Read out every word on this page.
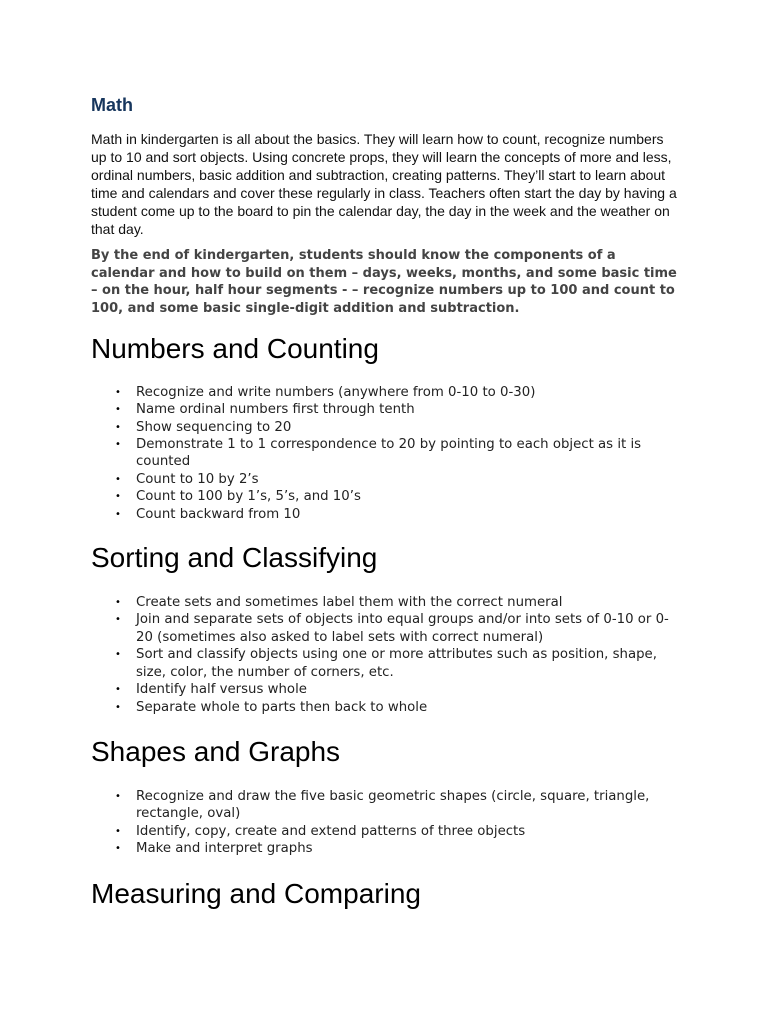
Math

Math in kindergarten is all about the basics. They will learn how to count, recognize numbers up to 10 and sort objects. Using concrete props, they will learn the concepts of more and less, ordinal numbers, basic addition and subtraction, creating patterns. They’ll start to learn about time and calendars and cover these regularly in class. Teachers often start the day by having a student come up to the board to pin the calendar day, the day in the week and the weather on that day.

By the end of kindergarten, students should know the components of a calendar and how to build on them – days, weeks, months, and some basic time – on the hour, half hour segments - – recognize numbers up to 100 and count to 100, and some basic single-digit addition and subtraction.

Numbers and Counting
• Recognize and write numbers (anywhere from 0-10 to 0-30)
• Name ordinal numbers first through tenth
• Show sequencing to 20
• Demonstrate 1 to 1 correspondence to 20 by pointing to each object as it is counted
• Count to 10 by 2’s
• Count to 100 by 1’s, 5’s, and 10’s
• Count backward from 10
Sorting and Classifying
• Create sets and sometimes label them with the correct numeral
• Join and separate sets of objects into equal groups and/or into sets of 0-10 or 0-20 (sometimes also asked to label sets with correct numeral)
• Sort and classify objects using one or more attributes such as position, shape, size, color, the number of corners, etc.
• Identify half versus whole
• Separate whole to parts then back to whole
Shapes and Graphs
• Recognize and draw the five basic geometric shapes (circle, square, triangle, rectangle, oval)
• Identify, copy, create and extend patterns of three objects
• Make and interpret graphs
Measuring and Comparing
